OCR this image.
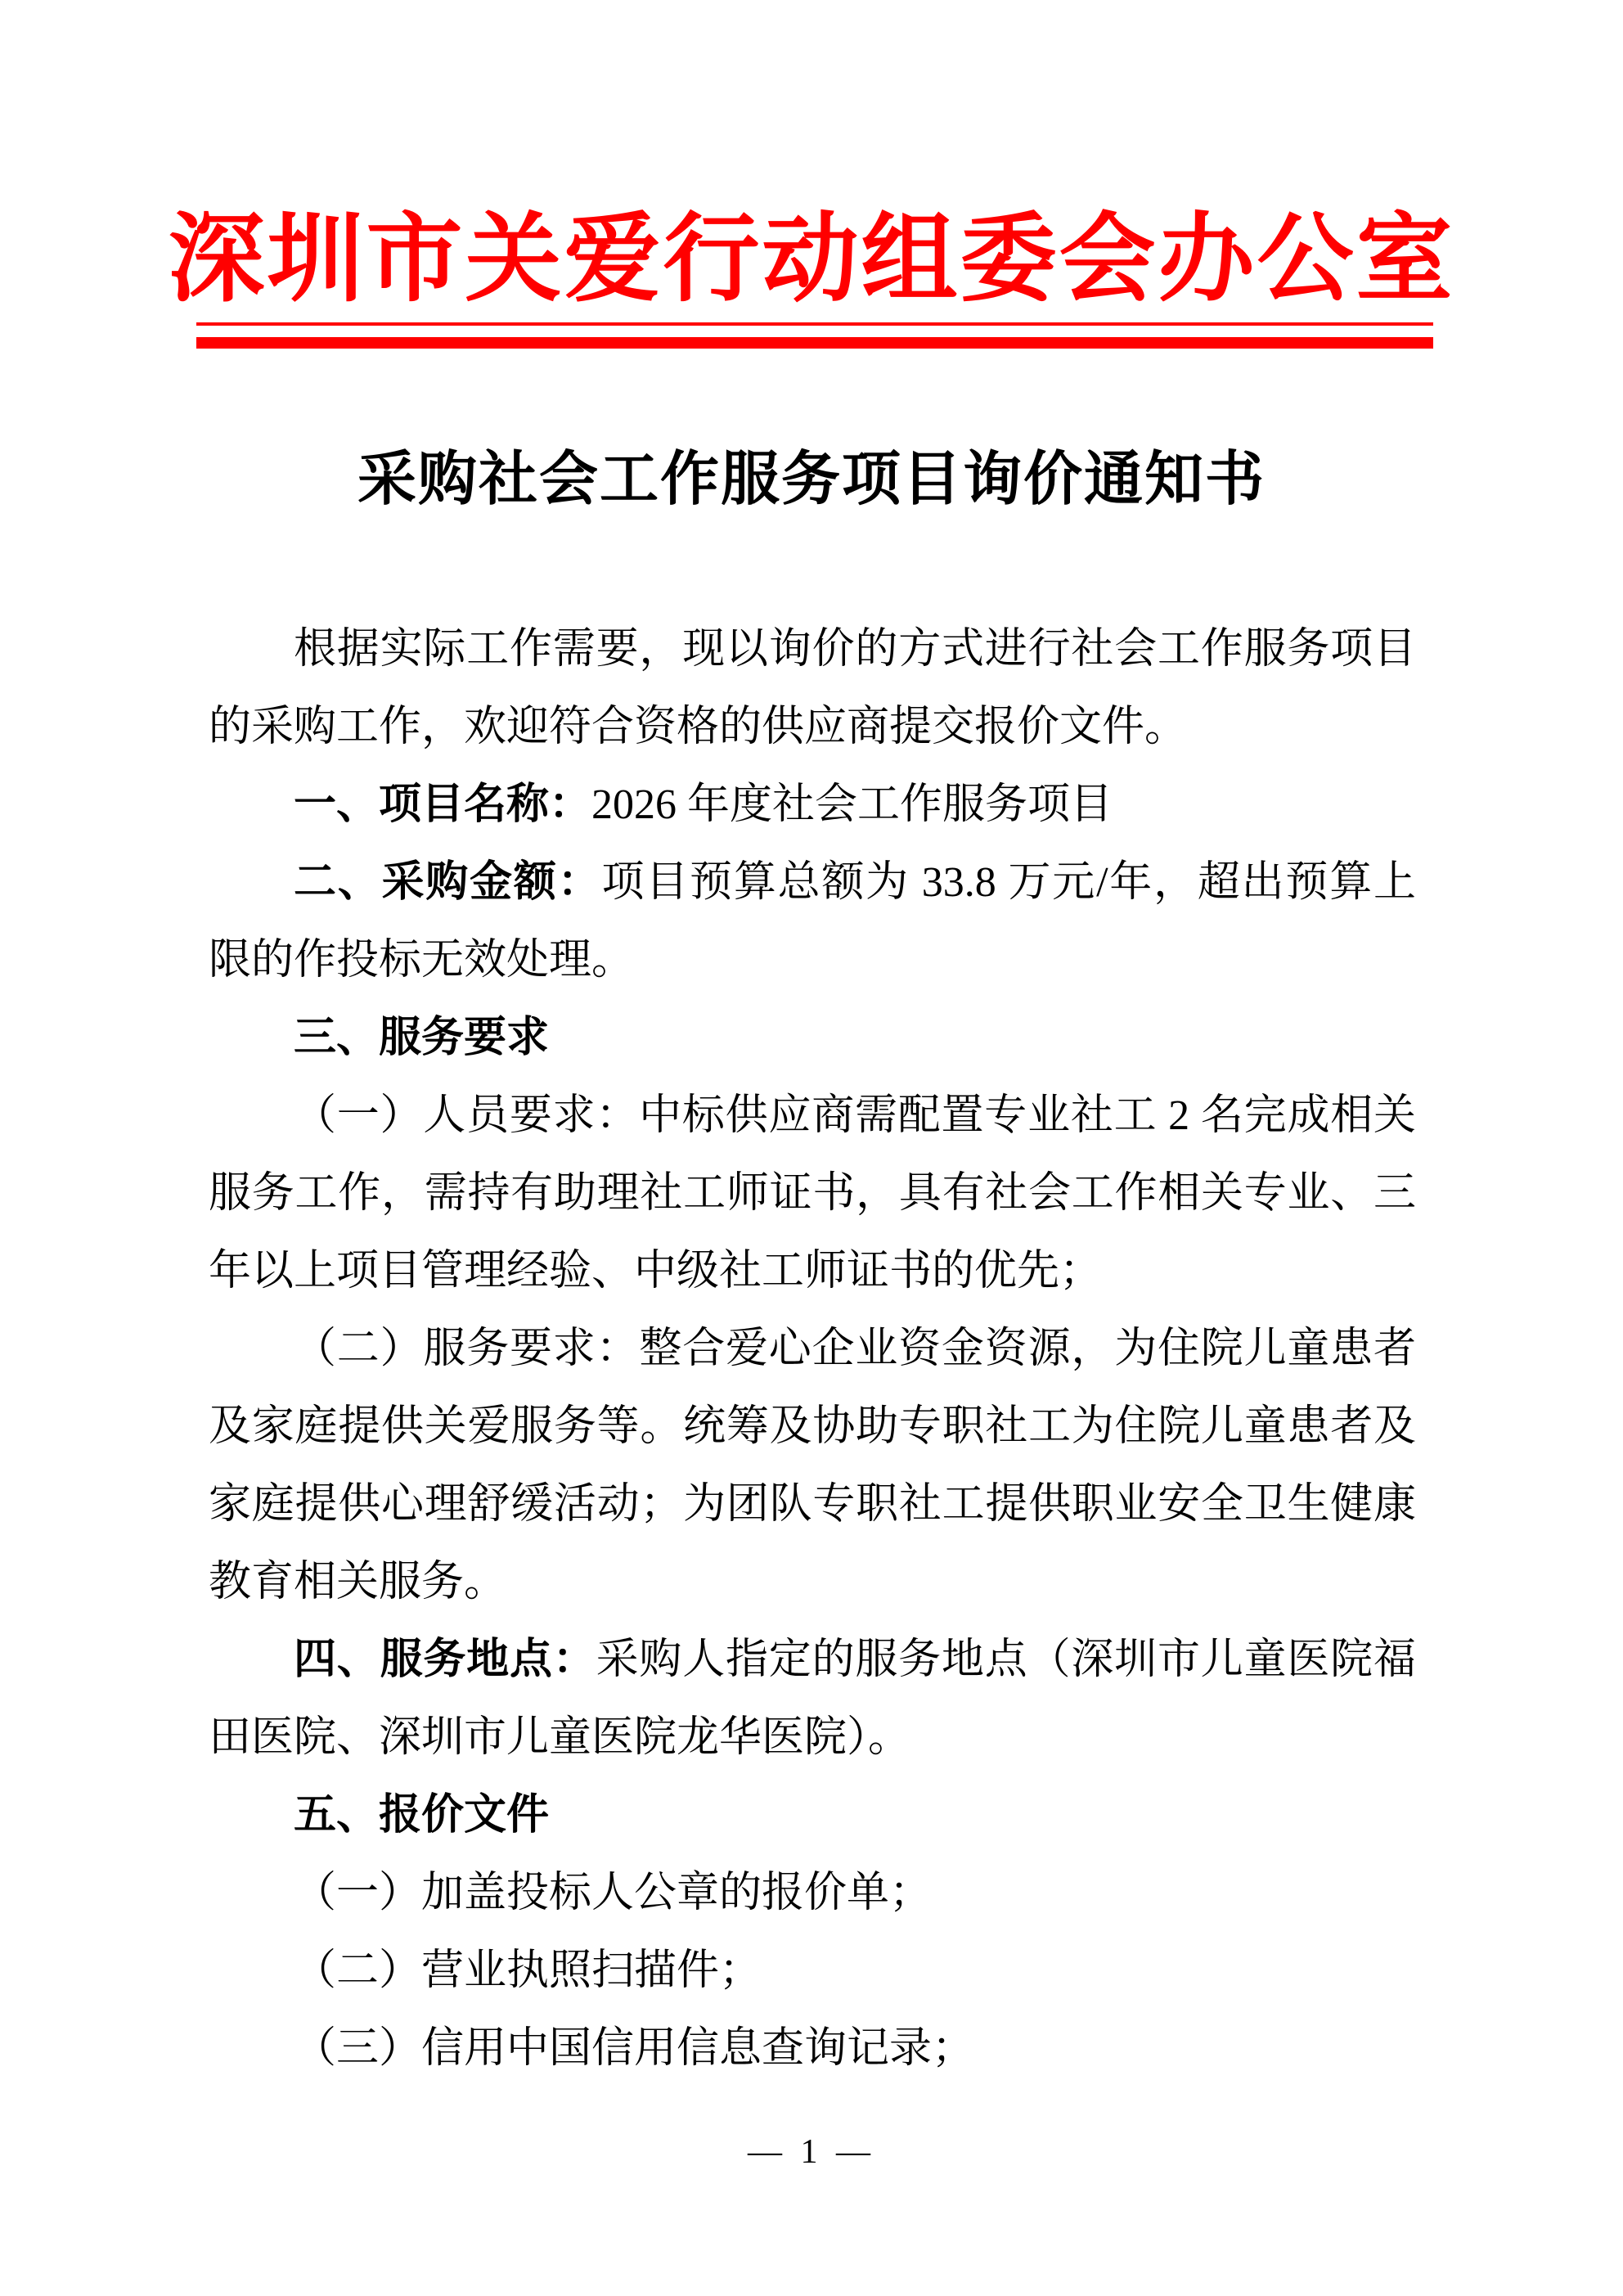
深圳市关爱行动组委会办公室
采购社会工作服务项目询价通知书

根据实际工作需要，现以询价的方式进行社会工作服务项目的采购工作，欢迎符合资格的供应商提交报价文件。

一、项目名称：2026 年度社会工作服务项目

二、采购金额：项目预算总额为 33.8 万元/年，超出预算上限的作投标无效处理。

三、服务要求

（一）人员要求：中标供应商需配置专业社工 2 名完成相关服务工作，需持有助理社工师证书，具有社会工作相关专业、三年以上项目管理经验、中级社工师证书的优先；

（二）服务要求：整合爱心企业资金资源，为住院儿童患者及家庭提供关爱服务等。统筹及协助专职社工为住院儿童患者及家庭提供心理舒缓活动；为团队专职社工提供职业安全卫生健康教育相关服务。

四、服务地点：采购人指定的服务地点（深圳市儿童医院福田医院、深圳市儿童医院龙华医院）。

五、报价文件

（一）加盖投标人公章的报价单；

（二）营业执照扫描件；

（三）信用中国信用信息查询记录；

— 1 —
